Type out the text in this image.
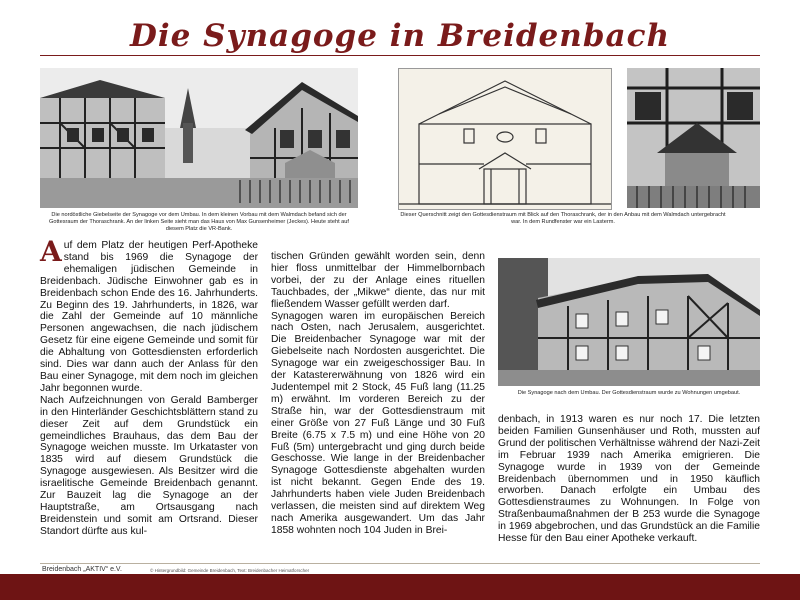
Die Synagoge in Breidenbach
Die nordöstliche Giebelseite der Synagoge vor dem Umbau. In dem kleinen Vorbau mit dem Walmdach befand sich der Gottesraum der Thoraschrank. An der linken Seite sieht man das Haus von Max Gunsenheimer (Jeckes). Heute steht auf diesem Platz die VR-Bank.
Dieser Querschnitt zeigt den Gottesdienstraum mit Blick auf den Thoraschrank, der in den Anbau mit dem Walmdach untergebracht war. In dem Rundfenster war ein Lasterm.
Die Synagoge nach dem Umbau. Der Gottesdienstraum wurde zu Wohnungen umgebaut.

Auf dem Platz der heutigen Perf-Apotheke stand bis 1969 die Synagoge der ehemaligen jüdischen Gemeinde in Breidenbach. Jüdische Einwohner gab es in Breidenbach schon Ende des 16. Jahrhunderts. Zu Beginn des 19. Jahrhunderts, in 1826, war die Zahl der Gemeinde auf 10 männliche Personen angewachsen, die nach jüdischem Gesetz für eine eigene Gemeinde und somit für die Abhaltung von Gottesdiensten erforderlich sind. Dies war dann auch der Anlass für den Bau einer Synagoge, mit dem noch im gleichen Jahr begonnen wurde.

Nach Aufzeichnungen von Gerald Bamberger in den Hinterländer Geschichtsblättern stand zu dieser Zeit auf dem Grundstück ein gemeindliches Brauhaus, das dem Bau der Synagoge weichen musste. Im Urkataster von 1835 wird auf diesem Grundstück die Synagoge ausgewiesen. Als Besitzer wird die israelitische Gemeinde Breidenbach genannt. Zur Bauzeit lag die Synagoge an der Hauptstraße, am Ortsausgang nach Breidenstein und somit am Ortsrand. Dieser Standort dürfte aus kul-

tischen Gründen gewählt worden sein, denn hier floss unmittelbar der Himmelbornbach vorbei, der zu der Anlage eines rituellen Tauchbades, der „Mikwe“ diente, das nur mit fließendem Wasser gefüllt werden darf.

Synagogen waren im europäischen Bereich nach Osten, nach Jerusalem, ausgerichtet. Die Breidenbacher Synagoge war mit der Giebelseite nach Nordosten ausgerichtet. Die Synagoge war ein zweigeschossiger Bau. In der Katastererwähnung von 1826 wird ein Judentempel mit 2 Stock, 45 Fuß lang (11.25 m) erwähnt. Im vorderen Bereich zu der Straße hin, war der Gottesdienstraum mit einer Größe von 27 Fuß Länge und 30 Fuß Breite (6.75 x 7.5 m) und eine Höhe von 20 Fuß (5m) untergebracht und ging durch beide Geschosse. Wie lange in der Breidenbacher Synagoge Gottesdienste abgehalten wurden ist nicht bekannt. Gegen Ende des 19. Jahrhunderts haben viele Juden Breidenbach verlassen, die meisten sind auf direktem Weg nach Amerika ausgewandert. Um das Jahr 1858 wohnten noch 104 Juden in Brei-

denbach, in 1913 waren es nur noch 17. Die letzten beiden Familien Gunsenhäuser und Roth, mussten auf Grund der politischen Verhältnisse während der Nazi-Zeit im Februar 1939 nach Amerika emigrieren. Die Synagoge wurde in 1939 von der Gemeinde Breidenbach übernommen und in 1950 käuflich erworben. Danach erfolgte ein Umbau des Gottesdienstraumes zu Wohnungen. In Folge von Straßenbaumaßnahmen der B 253 wurde die Synagoge in 1969 abgebrochen, und das Grundstück an die Familie Hesse für den Bau einer Apotheke verkauft.

Breidenbach „AKTIV“ e.V.	© Hintergrundbild: Gemeinde Breidenbach, Text: Breidenbacher Heimatforscher
